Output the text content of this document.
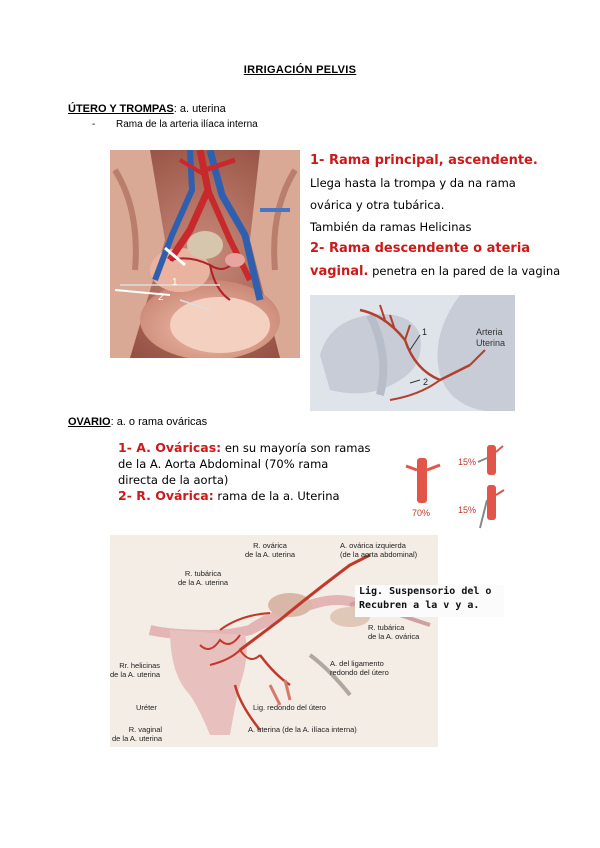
IRRIGACIÓN PELVIS
ÚTERO Y TROMPAS: a. uterina
- Rama de la arteria ilíaca interna
1
2
1- Rama principal, ascendente.
Llega hasta la trompa y da na rama
ovárica y otra tubárica.
También da ramas Helicinas
2- Rama descendente o ateria
vaginal. penetra en la pared de la vagina
1
2
Arteria
Uterina
OVARIO: a. o rama ováricas
1- A. Ováricas: en su mayoría son ramas
de la A. Aorta Abdominal (70% rama
directa de la aorta)
2- R. Ovárica: rama de la a. Uterina
70%
15%
15%
R. ovárica
de la A. uterina
A. ovárica izquierda
(de la aorta abdominal)
R. tubárica
de la A. uterina
R. tubárica
de la A. ovárica
Rr. helicinas
de la A. uterina
A. del ligamento
redondo del útero
Uréter	Lig. redondo del útero
R. vaginal
de la A. uterina
A. uterina (de la A. ilíaca interna)
Lig. Suspensorio del o
Recubren a la v y a.
